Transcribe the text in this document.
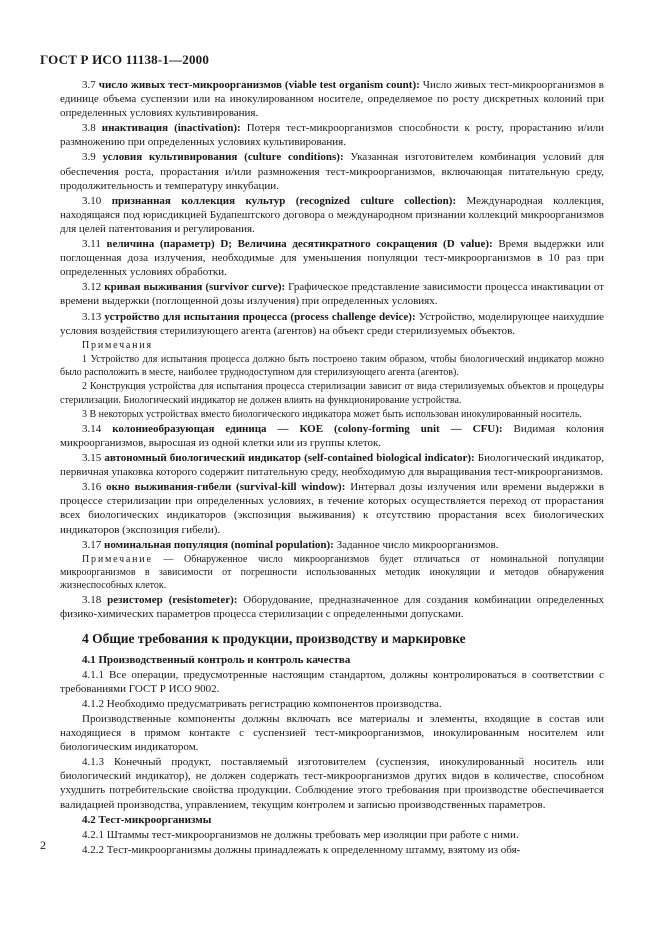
ГОСТ Р ИСО 11138-1—2000

3.7 число живых тест-микроорганизмов (viable test organism count): Число живых тест-микроорганизмов в единице объема суспензии или на инокулированном носителе, определяемое по росту дискретных колоний при определенных условиях культивирования.

3.8 инактивация (inactivation): Потеря тест-микроорганизмов способности к росту, прорастанию и/или размножению при определенных условиях культивирования.

3.9 условия культивирования (culture conditions): Указанная изготовителем комбинация условий для обеспечения роста, прорастания и/или размножения тест-микроорганизмов, включающая питательную среду, продолжительность и температуру инкубации.

3.10 признанная коллекция культур (recognized culture collection): Международная коллекция, находящаяся под юрисдикцией Будапештского договора о международном признании коллекций микроорганизмов для целей патентования и регулирования.

3.11 величина (параметр) D; Величина десятикратного сокращения (D value): Время выдержки или поглощенная доза излучения, необходимые для уменьшения популяции тест-микроорганизмов в 10 раз при определенных условиях обработки.

3.12 кривая выживания (survivor curve): Графическое представление зависимости процесса инактивации от времени выдержки (поглощенной дозы излучения) при определенных условиях.

3.13 устройство для испытания процесса (process challenge device): Устройство, моделирующее наихудшие условия воздействия стерилизующего агента (агентов) на объект среди стерилизуемых объектов.

Примечания

1 Устройство для испытания процесса должно быть построено таким образом, чтобы биологический индикатор можно было расположить в месте, наиболее труднодоступном для стерилизующего агента (агентов).

2 Конструкция устройства для испытания процесса стерилизации зависит от вида стерилизуемых объектов и процедуры стерилизации. Биологический индикатор не должен влиять на функционирование устройства.

3 В некоторых устройствах вместо биологического индикатора может быть использован инокулированный носитель.

3.14 колониеобразующая единица — КОЕ (colony-forming unit — CFU): Видимая колония микроорганизмов, выросшая из одной клетки или из группы клеток.

3.15 автономный биологический индикатор (self-contained biological indicator): Биологический индикатор, первичная упаковка которого содержит питательную среду, необходимую для выращивания тест-микроорганизмов.

3.16 окно выживания-гибели (survival-kill window): Интервал дозы излучения или времени выдержки в процессе стерилизации при определенных условиях, в течение которых осуществляется переход от прорастания всех биологических индикаторов (экспозиция выживания) к отсутствию прорастания всех биологических индикаторов (экспозиция гибели).

3.17 номинальная популяция (nominal population): Заданное число микроорганизмов.

Примечание — Обнаруженное число микроорганизмов будет отличаться от номинальной популяции микроорганизмов в зависимости от погрешности использованных методик инокуляции и методов обнаружения жизнеспособных клеток.

3.18 резистомер (resistometer): Оборудование, предназначенное для создания комбинации определенных физико-химических параметров процесса стерилизации с определенными допусками.

4 Общие требования к продукции, производству и маркировке

4.1 Производственный контроль и контроль качества

4.1.1 Все операции, предусмотренные настоящим стандартом, должны контролироваться в соответствии с требованиями ГОСТ Р ИСО 9002.

4.1.2 Необходимо предусматривать регистрацию компонентов производства.

Производственные компоненты должны включать все материалы и элементы, входящие в состав или находящиеся в прямом контакте с суспензией тест-микроорганизмов, инокулированным носителем или биологическим индикатором.

4.1.3 Конечный продукт, поставляемый изготовителем (суспензия, инокулированный носитель или биологический индикатор), не должен содержать тест-микроорганизмов других видов в количестве, способном ухудшить потребительские свойства продукции. Соблюдение этого требования при производстве обеспечивается валидацией производства, управлением, текущим контролем и записью производственных параметров.

4.2 Тест-микроорганизмы

4.2.1 Штаммы тест-микроорганизмов не должны требовать мер изоляции при работе с ними.

4.2.2 Тест-микроорганизмы должны принадлежать к определенному штамму, взятому из обя-

2
